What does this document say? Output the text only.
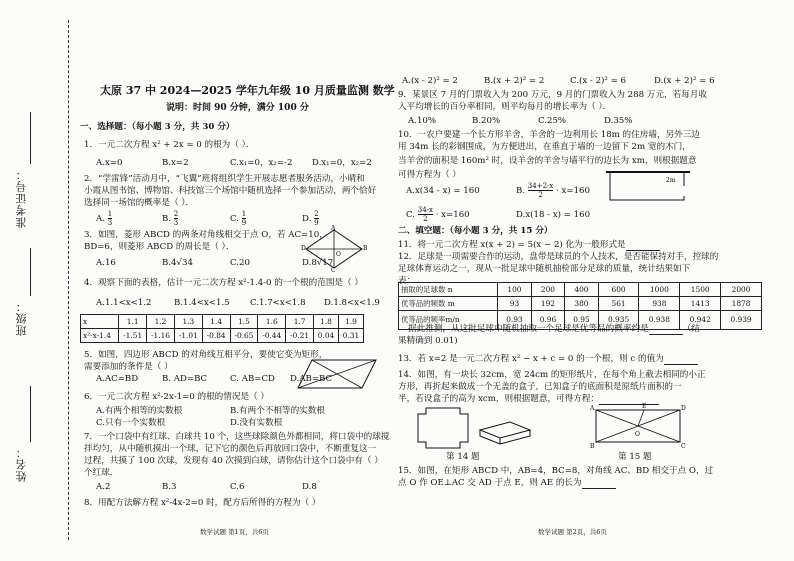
准考证号：
班级：
姓名：
太原 37 中 2024—2025 学年九年级 10 月质量监测 数学
说明：时间 90 分钟，满分 100 分
一、选择题：（每小题 3 分，共 30 分）
1．一元二次方程 x² + 2x = 0 的根为（ ）．
A.x=0	B.x=2	C.x₁=0，x₂=-2 D.x₁=0，x₂=2
2．“学雷锋”活动月中，“飞翼”班将组织学生开展志愿者服务活动，小晴和
小霞从图书馆、博物馆、科技馆三个场馆中随机选择一个参加活动，两个恰好
选择同一场馆的概率是（ ）．
A. $\frac{1}{3}$	B. $\frac{2}{3}$	C. $\frac{1}{9}$	D. $\frac{2}{9}$
3．如图，菱形 ABCD 的两条对角线相交于点 O，若 AC=10，
BD=6，则菱形 ABCD 的周长是（ ）．
A
B
C
D
O
A.16	B.4√34	C.20	D.8√17
4．观察下面的表格，估计一元二次方程 x²-1.4-0 的一个根的范围是（ ）
A.1.1<x<1.2	B.1.4<x<1.5 C.1.7<x<1.8 D.1.8<x<1.9
x	1.1	1.2	1.3	1.4	1.5	1.6	1.7	1.8	1.9
x²-x-1.4	-1.51	-1.16	-1.01	-0.84	-0.65	-0.44	-0.21	0.04	0.31
5．如图，四边形 ABCD 的对角线互相平分，要使它变为矩形，
需要添加的条件是（ ）
A.AC=BD	B. AD=BC	C. AB=CD D.AB=BC
6．一元二次方程 x²-2x-1=0 的根的情况是（ ）
A.有两个相等的实数根	B.有两个不相等的实数根
C.只有一个实数根	D.没有实数根
7．一个口袋中有红球、白球共 10 个，这些球除颜色外都相同，将口袋中的球搅
拌均匀，从中随机摸出一个球，记下它的颜色后再放回口袋中，不断重复这一
过程，共摸了 100 次球，发现有 40 次摸到白球，请你估计这个口袋中有（ ）
个红球．
A.2	B.3	C.6	D.8
8．用配方法解方程 x²-4x-2=0 时，配方后所得的方程为（ ）
数学试题 第1页，共6页
A.(x - 2)² = 2	B.(x + 2)² = 2	C.(x - 2)² = 6	D.(x + 2)² = 6
9．某景区 7 月的门票收入为 200 万元，9 月的门票收入为 288 万元，若每月收
入平均增长的百分率相同，则平均每月的增长率为（ ）．
A.10%	B.20%	C.25%	D.35%
10．一农户要建一个长方形羊舍，羊舍的一边利用长 18m 的住房墙，另外三边
用 34m 长的彩钢围成，为方便进出，在垂直于墙的一边留下 2m 宽的木门，
当羊舍的面积是 160m² 时，设羊舍的羊舍与墙平行的边长为 xm，则根据题意
可得方程为（ ）
2m
A.x(34 - x) = 160	B. $\frac{34+2-x}{2} \cdot x=160$
C. $\frac{34-x}{2} \cdot x=160$	D.x(18 - x) = 160
二、填空题：（每小题 3 分，共 15 分）
11．将一元二次方程 x(x + 2) = 5(x − 2) 化为一般形式是
12．足球是一项需要合作的运动，盘带是球员的个人技术，是否能保持对手，控球的
足球体育运动之一，现从一批足球中随机抽检部分足球的质量，统计结果如下
表：
抽取的足球数 n	100	200	400	600	1000	1500	2000
优等品的频数 m	93	192	380	561	938	1413	1878
优等品的频率m/n	0.93	0.96	0.95	0.935	0.938	0.942	0.939
据此推测，从这批足球中随机抽取一个足球是优等品的概率约是	（结
果精确到 0.01)
13．若 x=2 是一元二次方程 x² − x + c = 0 的一个根，则 c 的值为
14．如图，有一块长 32cm，宽 24cm 的矩形纸片，在每个角上截去相同的小正
方形，再折起来做成一个无盖的盒子，已知盒子的底面积是原纸片面积的一
半，若设盒子的高为 xcm，则根据题意，可得方程：
第 14 题
A
B	C
D
O
E
第 15 题
15．如图，在矩形 ABCD 中，AB=4，BC=8，对角线 AC、BD 相交于点 O，过
点 O 作 OE⊥AC 交 AD 于点 E，则 AE 的长为
数学试题 第2页，共6页
